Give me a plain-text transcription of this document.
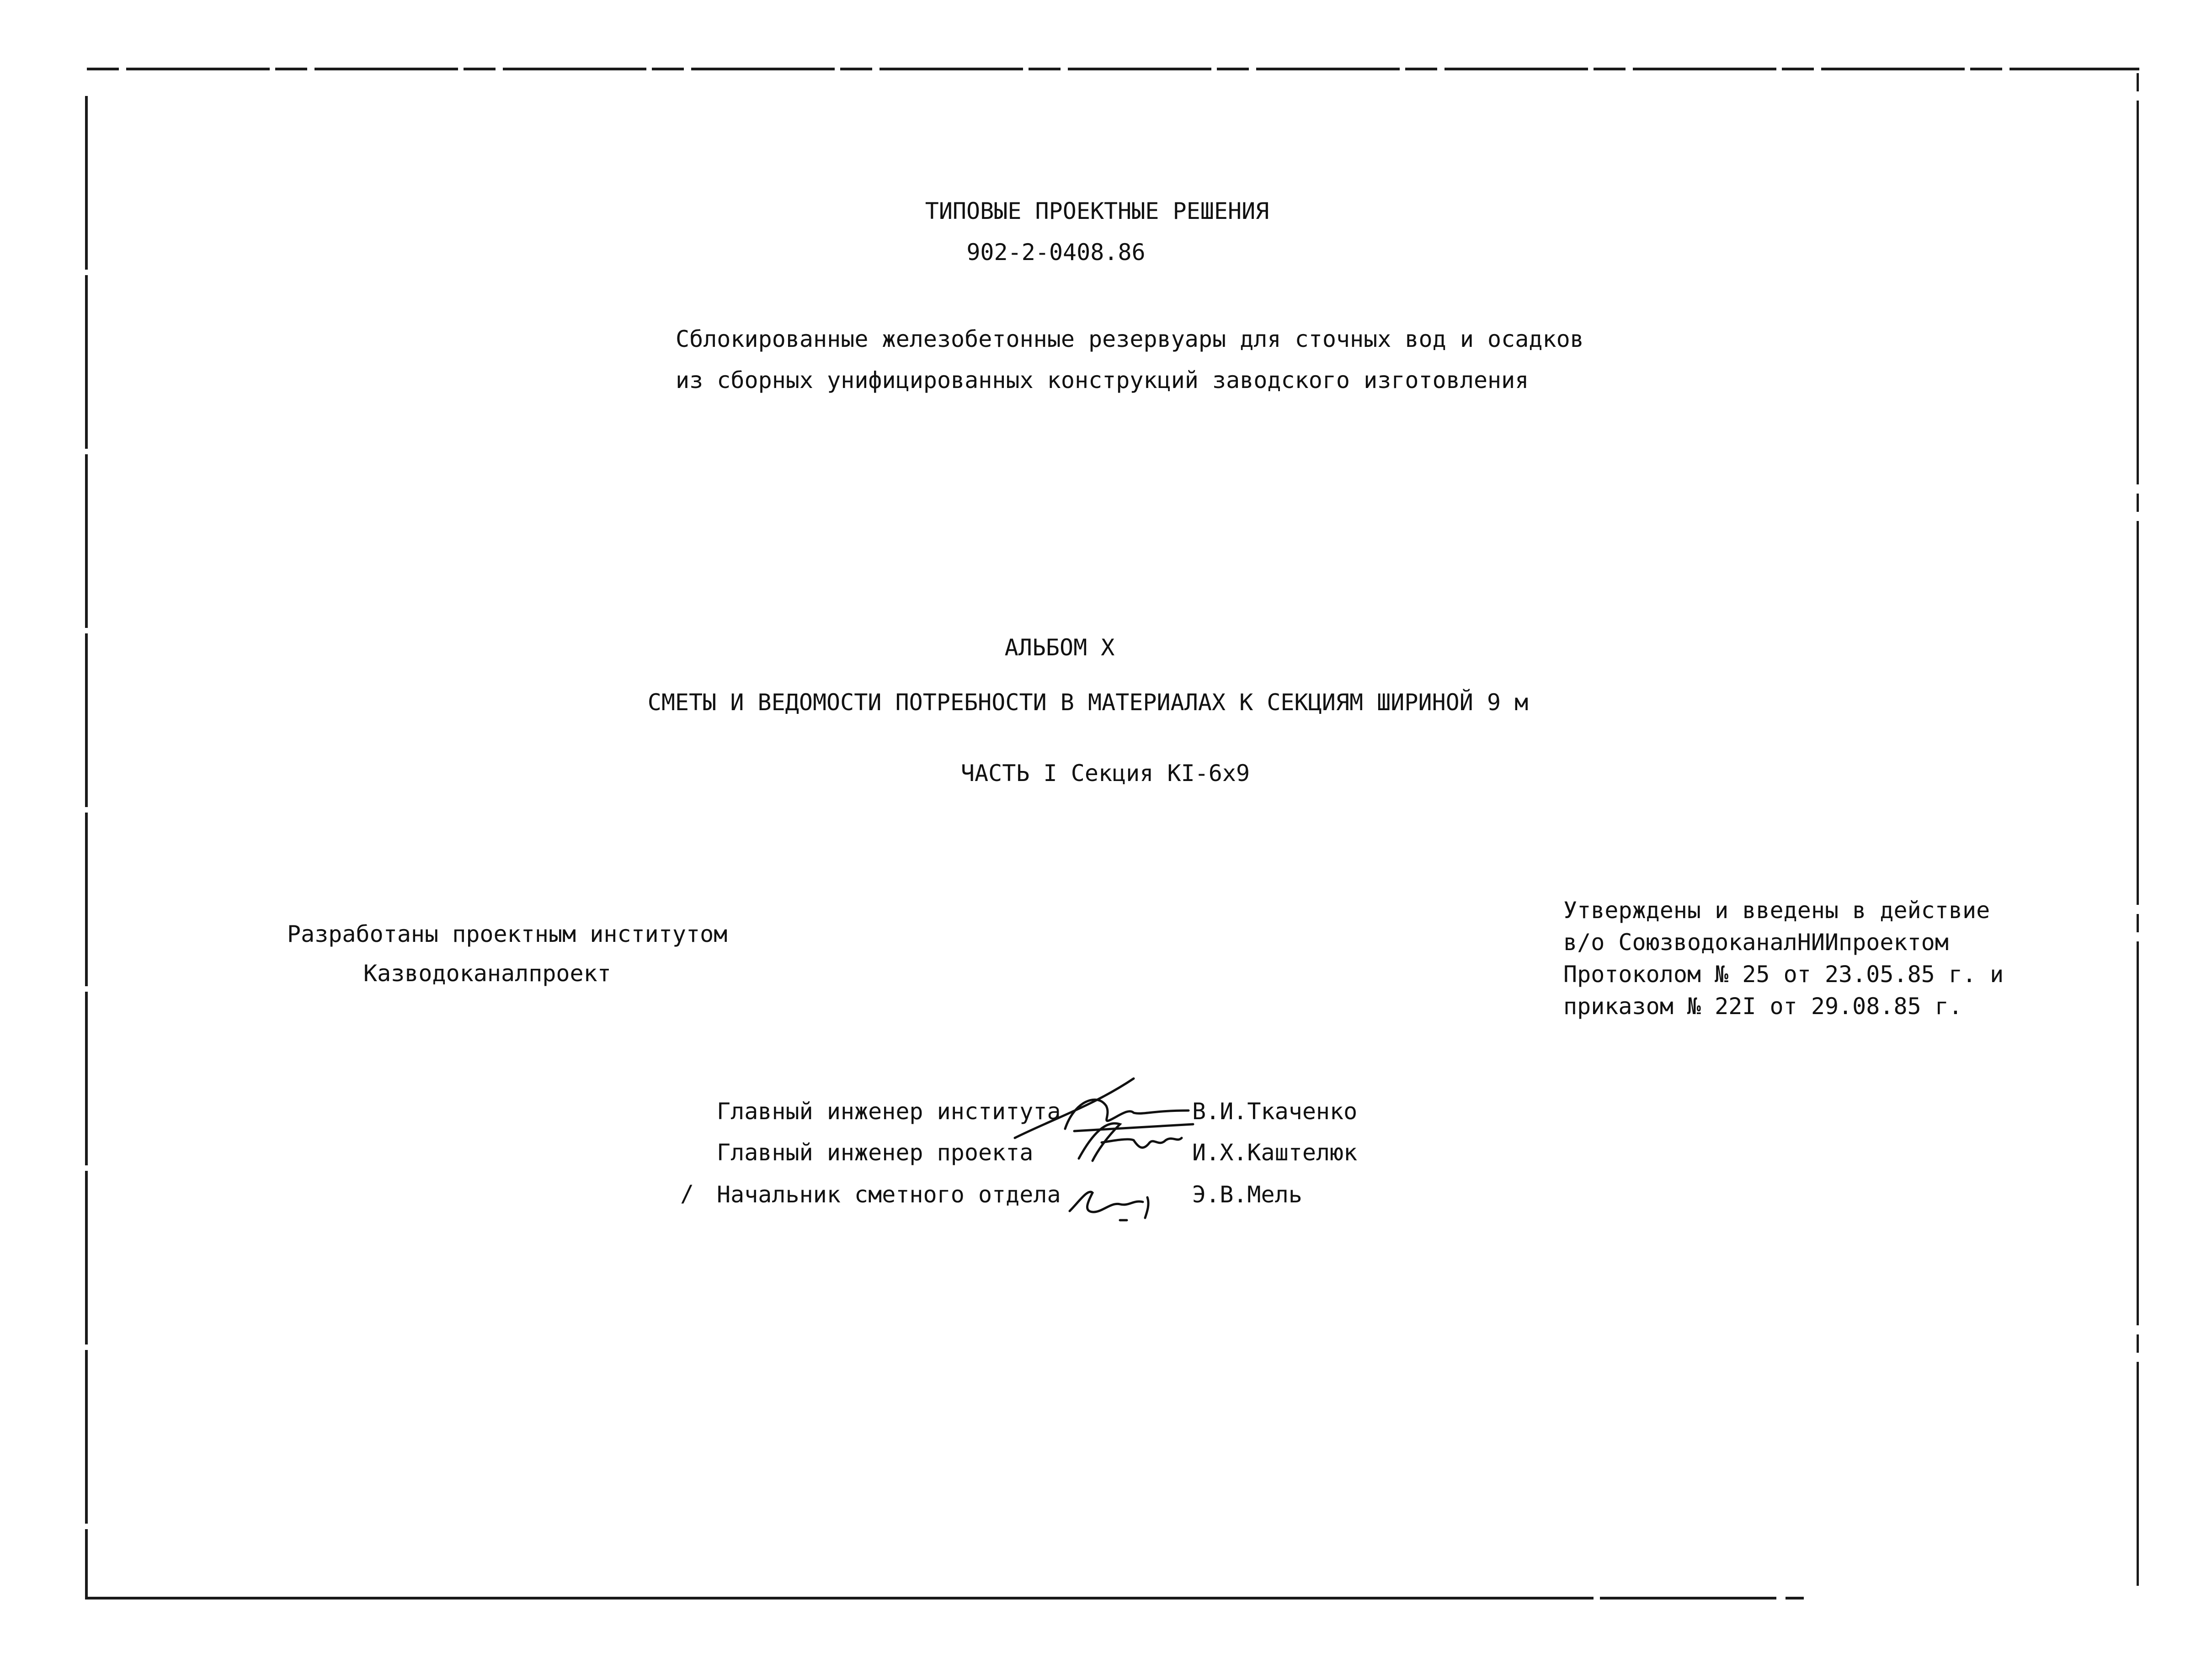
ТИПОВЫЕ ПРОЕКТНЫЕ РЕШЕНИЯ
902-2-0408.86
Сблокированные железобетонные резервуары для сточных вод и осадков
из сборных унифицированных конструкций заводского изготовления
АЛЬБОМ Х
СМЕТЫ И ВЕДОМОСТИ ПОТРЕБНОСТИ В МАТЕРИАЛАХ К СЕКЦИЯМ ШИРИНОЙ 9 м
ЧАСТЬ I Секция КI-6х9
Разработаны проектным институтом
Казводоканалпроект
Утверждены и введены в действие
в/о СоюзводоканалНИИпроектом
Протоколом № 25 от 23.05.85 г. и
приказом № 22I от 29.08.85 г.
/
Главный инженер института
Главный инженер проекта
Начальник сметного отдела
В.И.Ткаченко
И.Х.Каштелюк
Э.В.Мель
